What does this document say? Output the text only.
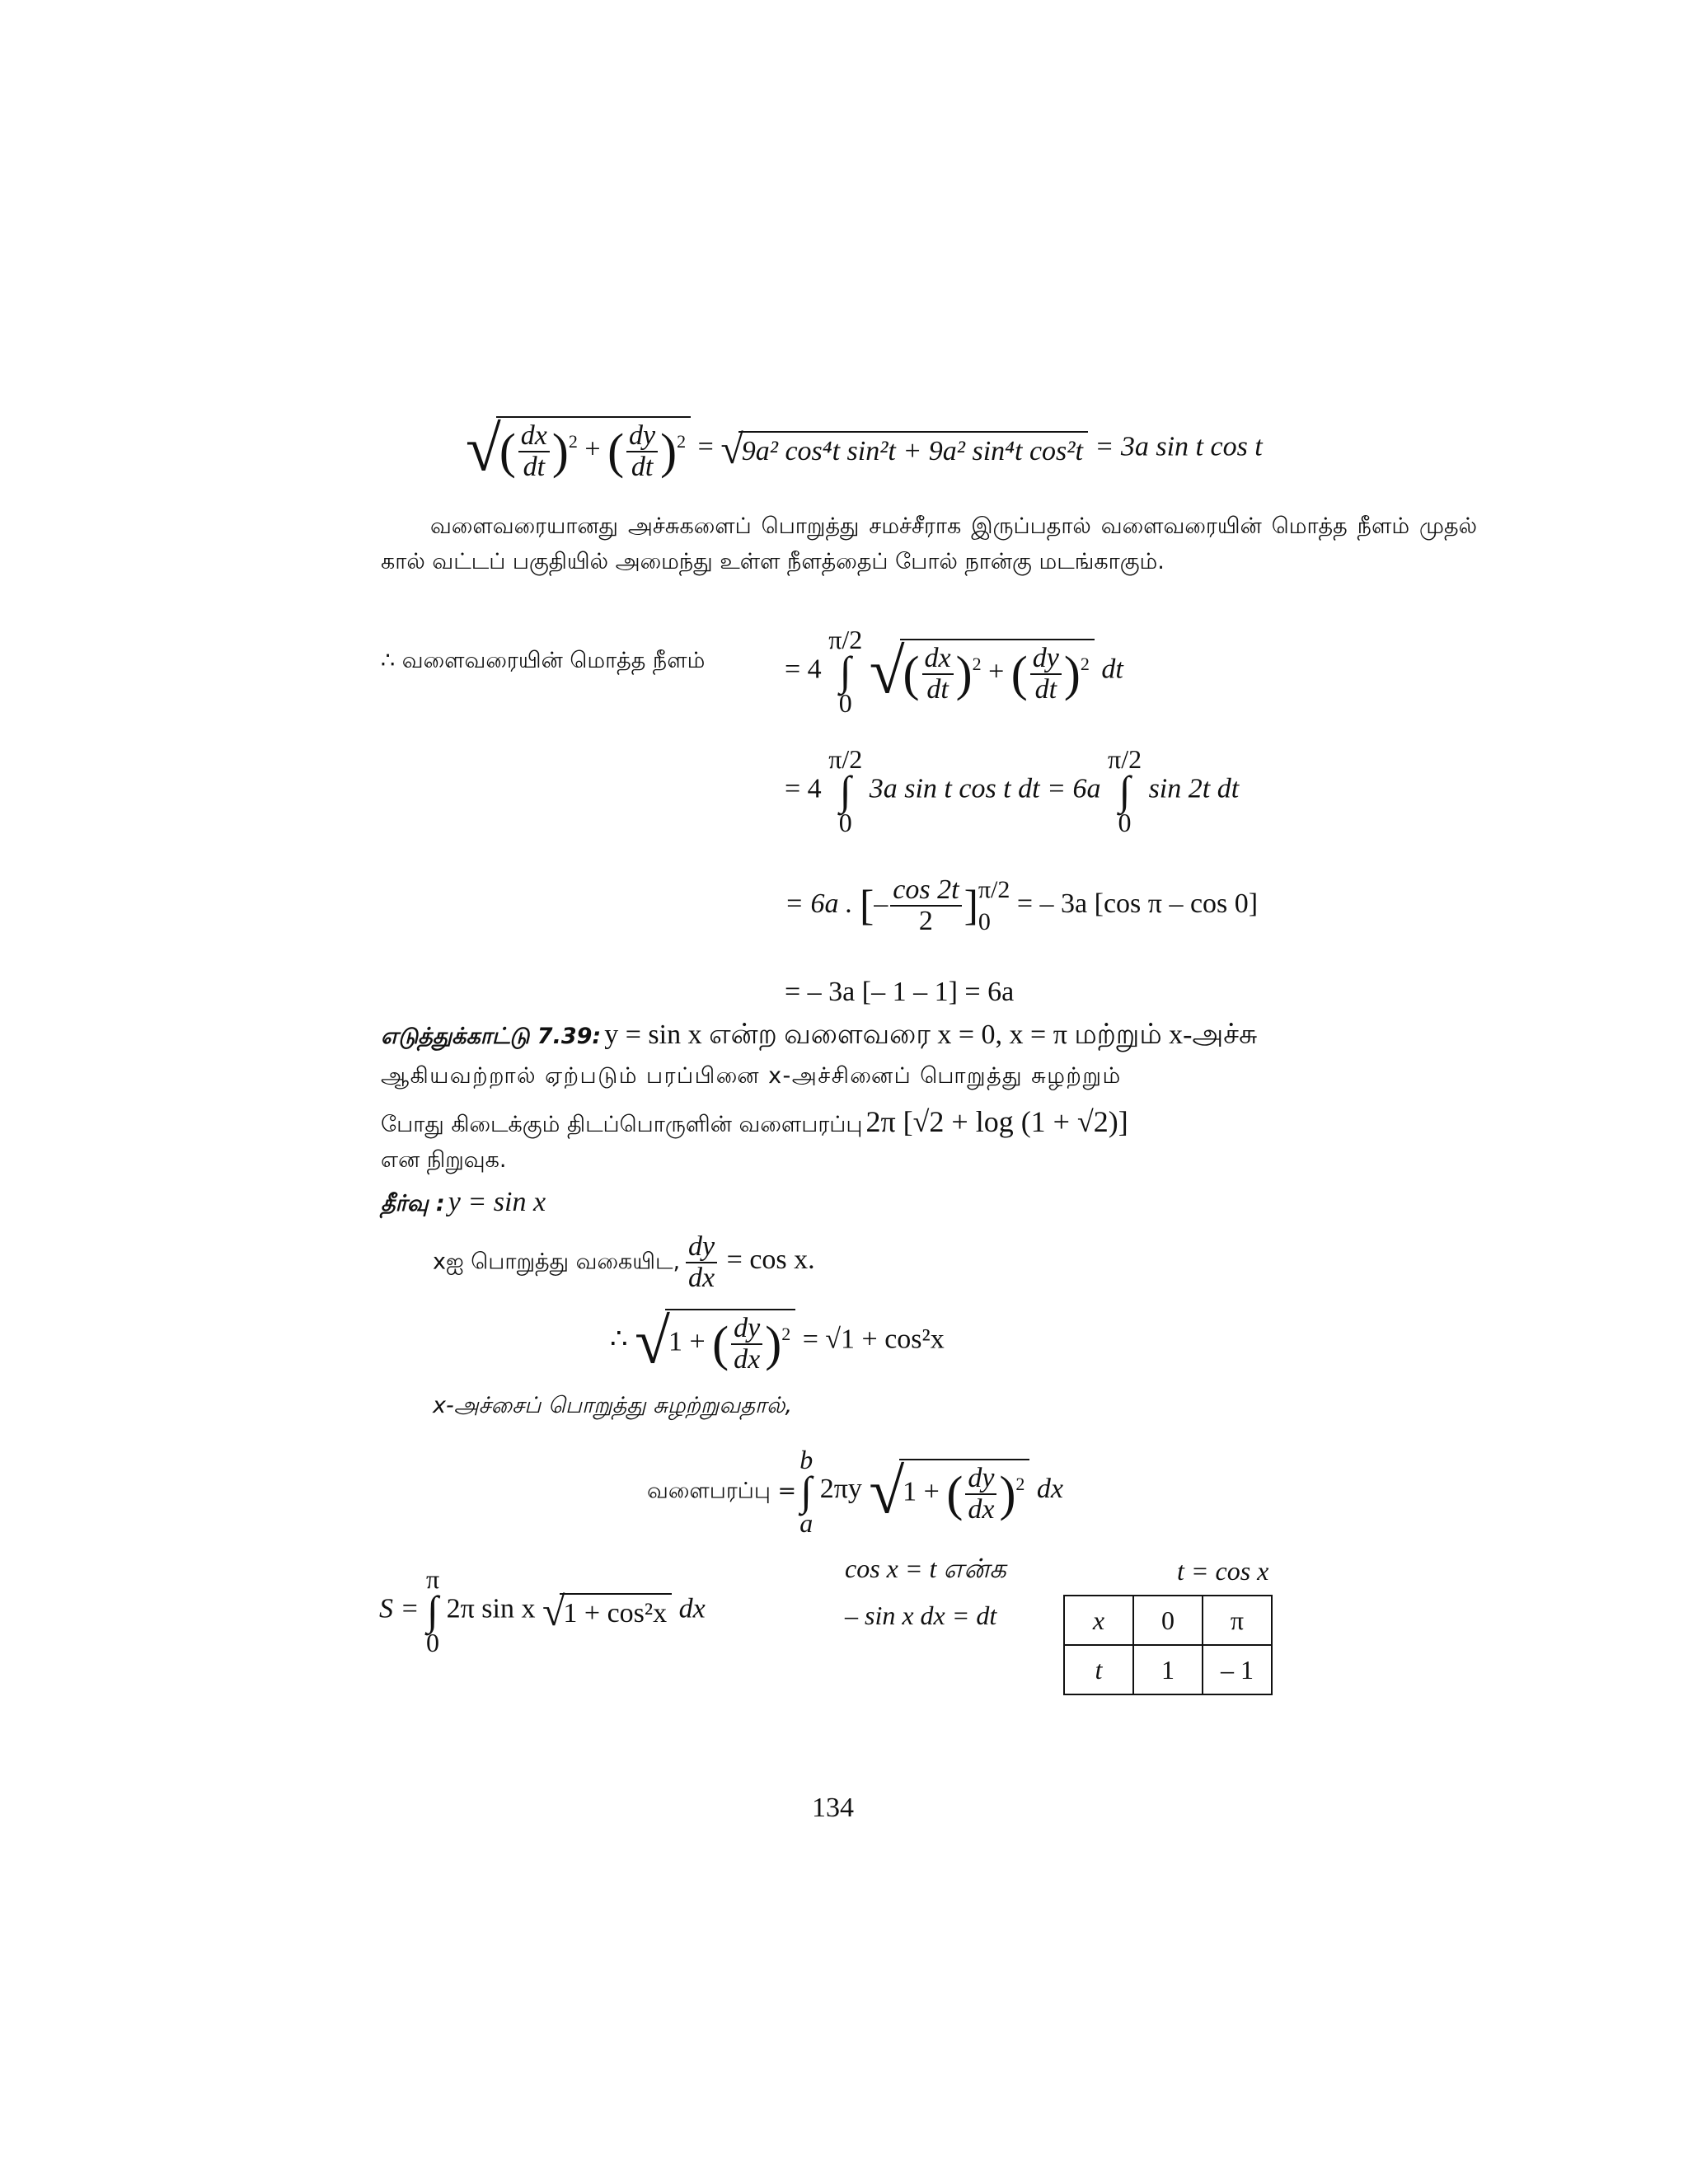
√( $\frac{dx}{dt} )^2$ + ( $\frac{dy}{dt} )^2 = √9a^2$ cos⁴t sin²t + 9a² sin⁴t cos²t = 3a sin t cos t
வளைவரையானது அச்சுகளைப் பொறுத்து சமச்சீராக இருப்பதால் வளைவரையின் மொத்த நீளம் முதல் கால் வட்டப் பகுதியில் அமைந்து உள்ள நீளத்தைப் போல் நான்கு மடங்காகும்.
∴ வளைவரையின் மொத்த நீளம்	= 4
π/2
∫
0 √( $\frac{dx}{dt} )^2$ + ( $\frac{dy}{dt} )^2$ dt
= 4
π/2
∫
0
3a sin t cos t dt = 6a
π/2
∫
0
sin 2t dt
= 6a . [– $\frac{\cos 2t}{2}$ ] π/2
0
= – 3a [cos π – cos 0]
= – 3a [– 1 – 1] = 6a
எடுத்துக்காட்டு 7.39: y = sin x என்ற வளைவரை x = 0, x = π மற்றும் x-அச்சு
ஆகியவற்றால் ஏற்படும் பரப்பினை x-அச்சினைப் பொறுத்து சுழற்றும்
போது கிடைக்கும் திடப்பொருளின் வளைபரப்பு 2π [√2 + log (1 + √2)]
என நிறுவுக.
தீர்வு : y = sin x
xஐ பொறுத்து வகையிட, $\frac{dy}{dx} = \cos x$.
∴ √1 + ( $\frac{dy}{dx} )^2 = √1 + \cos^2x$
x-அச்சைப் பொறுத்து சுழற்றுவதால்,
வளைபரப்பு =
b
∫
a
2πy √1 + ( $\frac{dy}{dx} )^2$ dx
S =
π
∫
0
2π sin x √1 + cos²x dx
cos x = t என்க
– sin x dx = dt
t = cos x
x	0	π
t	1	– 1
134
